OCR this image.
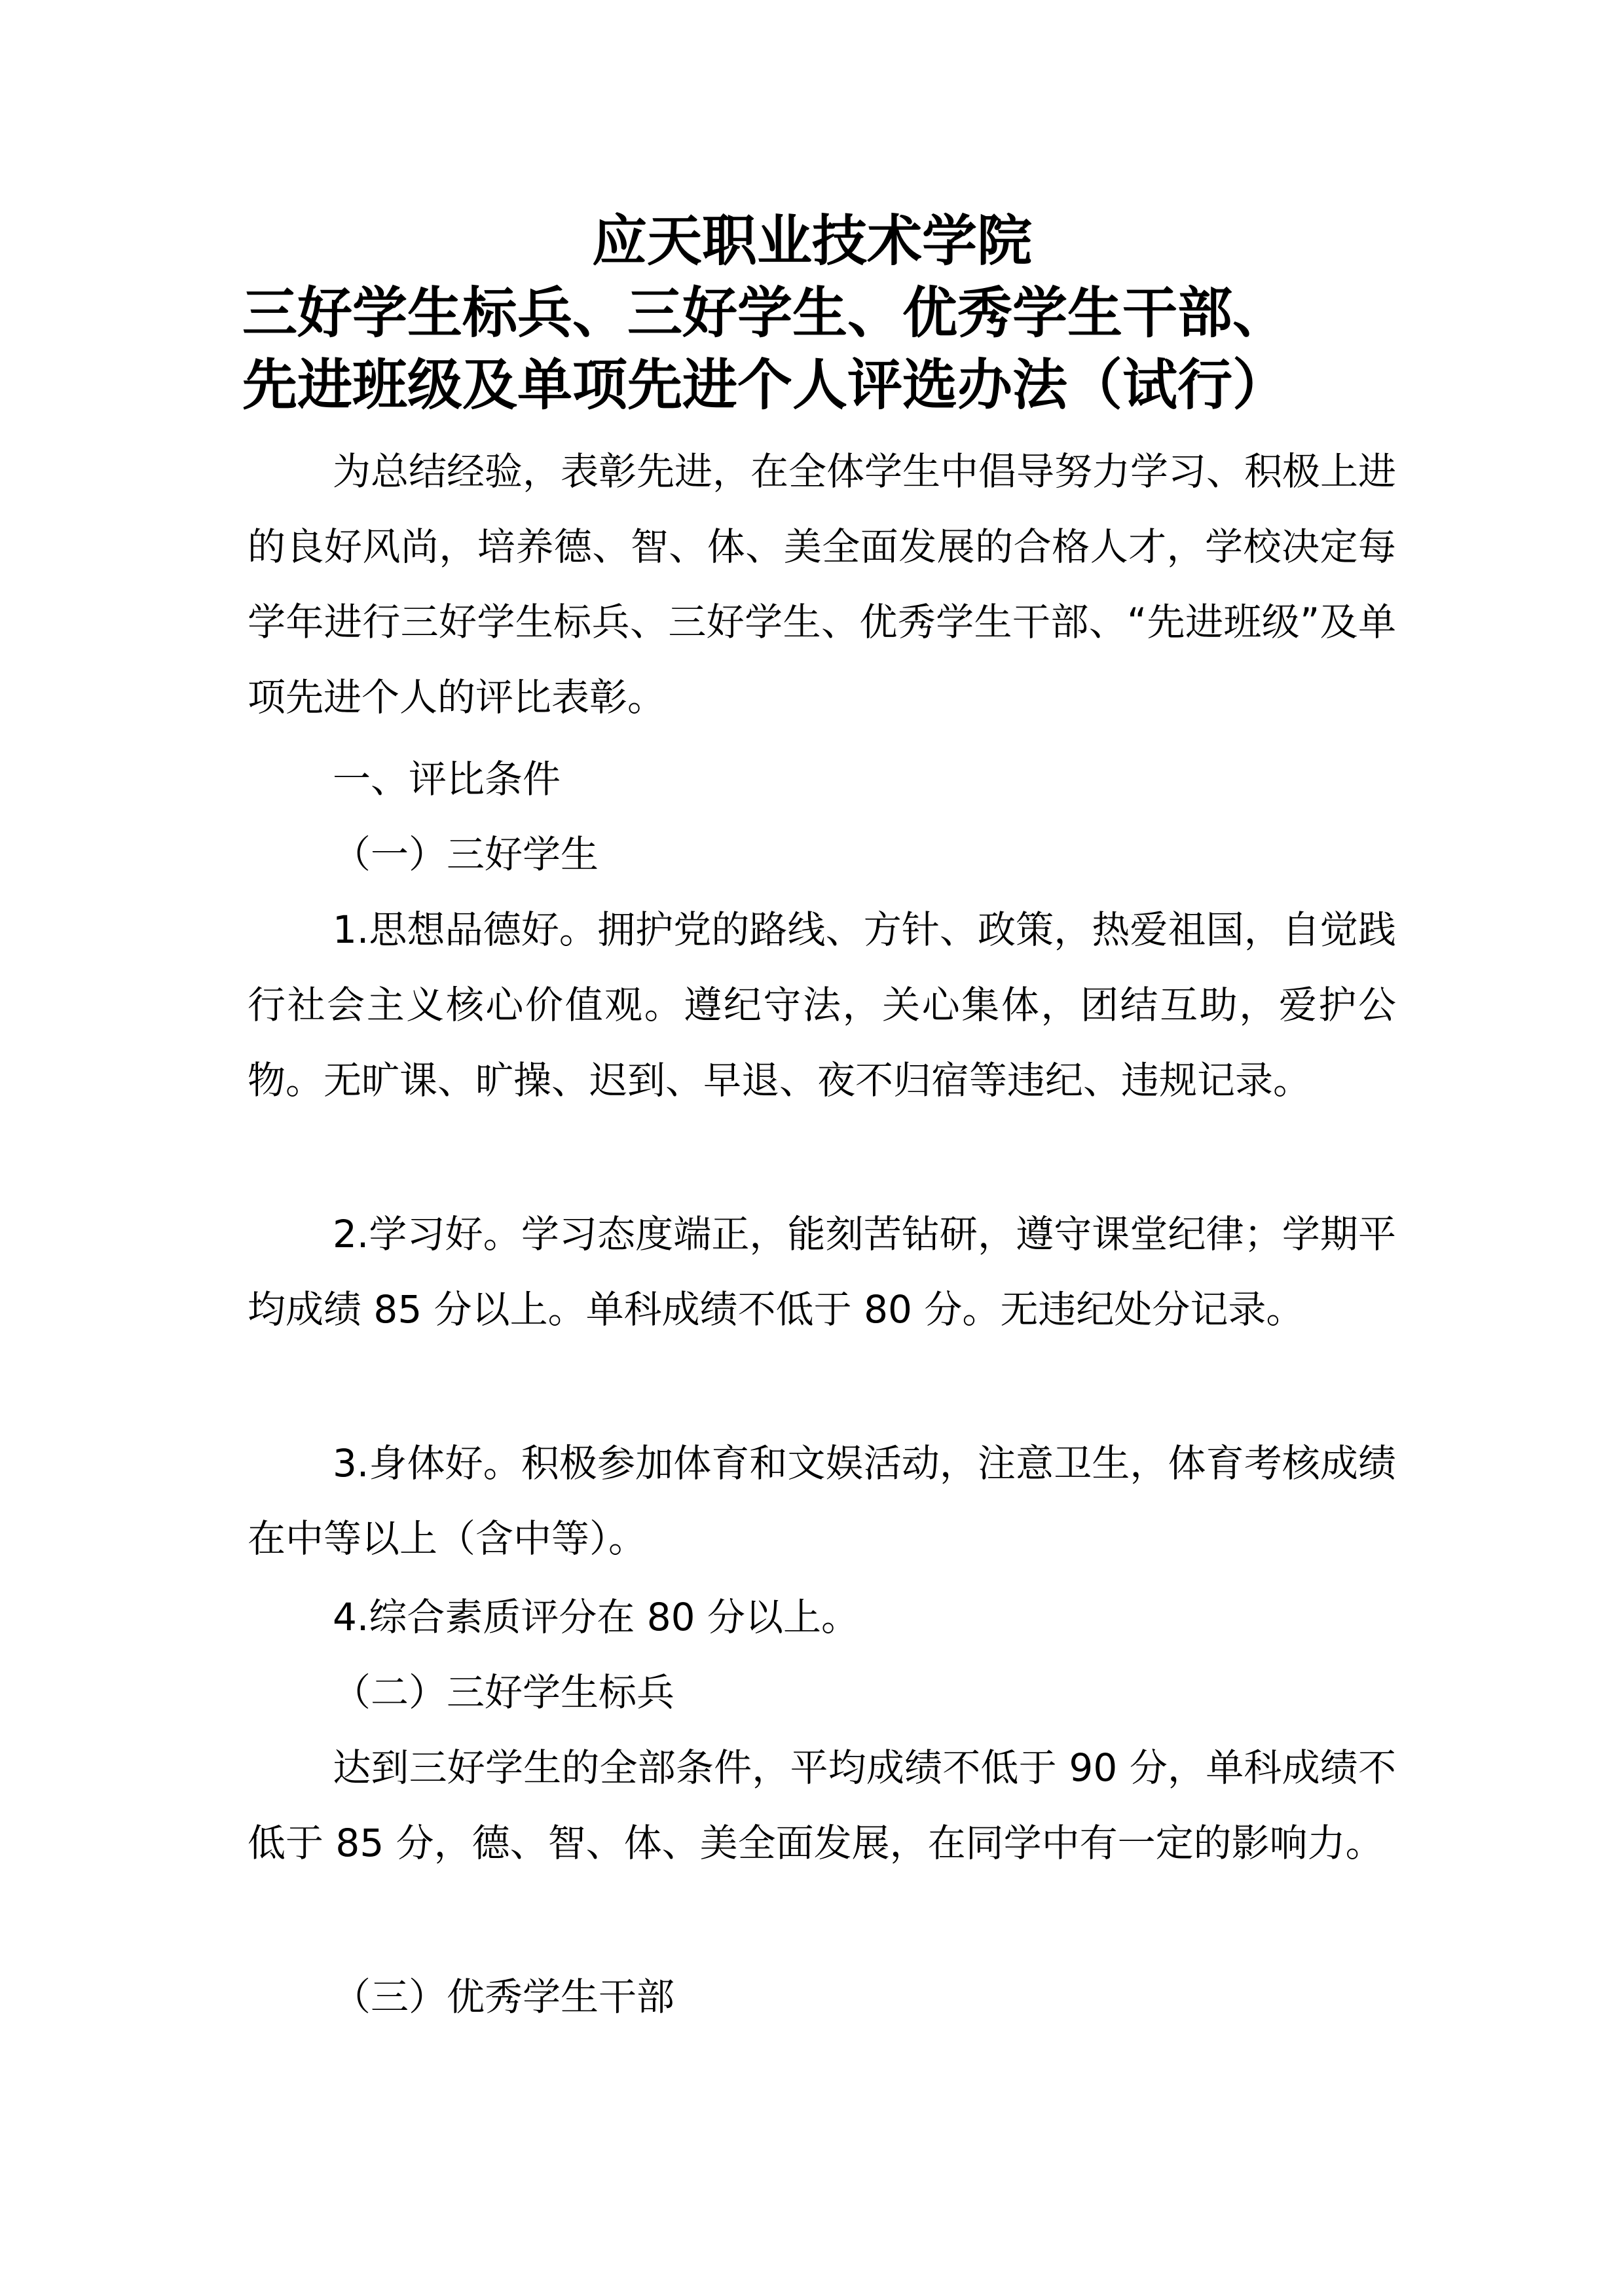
应天职业技术学院
三好学生标兵、三好学生、优秀学生干部、
先进班级及单项先进个人评选办法（试行）

为总结经验，表彰先进，在全体学生中倡导努力学习、积极上进的良好风尚，培养德、智、体、美全面发展的合格人才，学校决定每学年进行三好学生标兵、三好学生、优秀学生干部、“先进班级”及单项先进个人的评比表彰。

一、评比条件

（一）三好学生

1.思想品德好。拥护党的路线、方针、政策，热爱祖国，自觉践行社会主义核心价值观。遵纪守法，关心集体，团结互助，爱护公物。无旷课、旷操、迟到、早退、夜不归宿等违纪、违规记录。

2.学习好。学习态度端正，能刻苦钻研，遵守课堂纪律；学期平均成绩 85 分以上。单科成绩不低于 80 分。无违纪处分记录。

3.身体好。积极参加体育和文娱活动，注意卫生，体育考核成绩在中等以上（含中等）。

4.综合素质评分在 80 分以上。

（二）三好学生标兵

达到三好学生的全部条件，平均成绩不低于 90 分，单科成绩不低于 85 分，德、智、体、美全面发展，在同学中有一定的影响力。

（三）优秀学生干部
